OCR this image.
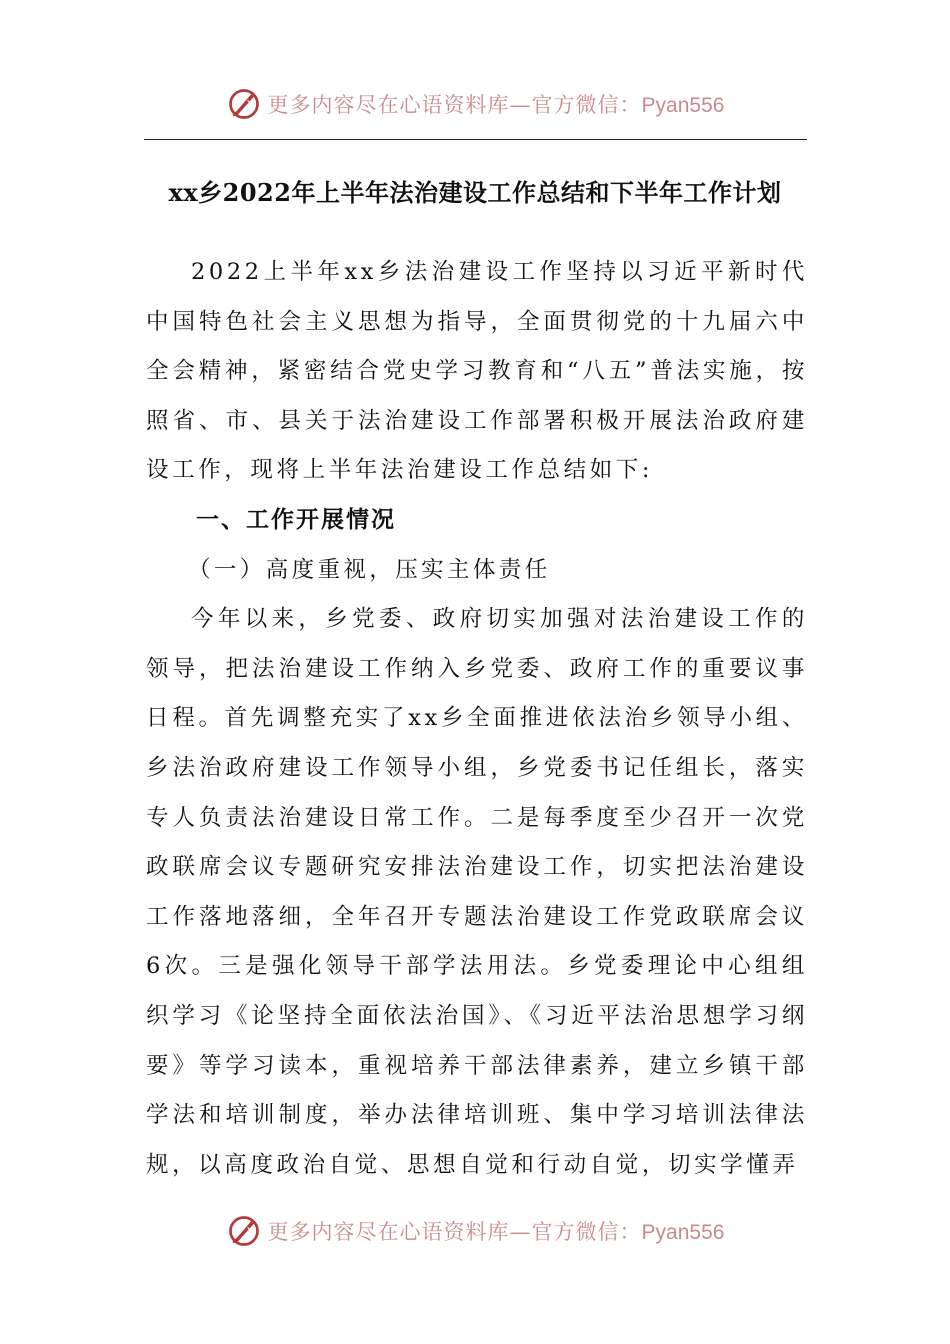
更多内容尽在心语资料库—官方微信：Pyan556
xx乡2022年上半年法治建设工作总结和下半年工作计划

2022上半年xx乡法治建设工作坚持以习近平新时代中国特色社会主义思想为指导，全面贯彻党的十九届六中全会精神，紧密结合党史学习教育和“八五”普法实施，按照省、市、县关于法治建设工作部署积极开展法治政府建设工作，现将上半年法治建设工作总结如下:

一、工作开展情况
（一）高度重视，压实主体责任

今年以来，乡党委、政府切实加强对法治建设工作的领导，把法治建设工作纳入乡党委、政府工作的重要议事日程。首先调整充实了xx乡全面推进依法治乡领导小组、乡法治政府建设工作领导小组，乡党委书记任组长，落实专人负责法治建设日常工作。二是每季度至少召开一次党政联席会议专题研究安排法治建设工作，切实把法治建设工作落地落细，全年召开专题法治建设工作党政联席会议6次。三是强化领导干部学法用法。乡党委理论中心组组织学习《论坚持全面依法治国》、《习近平法治思想学习纲要》等学习读本，重视培养干部法律素养，建立乡镇干部学法和培训制度，举办法律培训班、集中学习培训法律法规，以高度政治自觉、思想自觉和行动自觉，切实学懂弄

更多内容尽在心语资料库—官方微信：Pyan556
